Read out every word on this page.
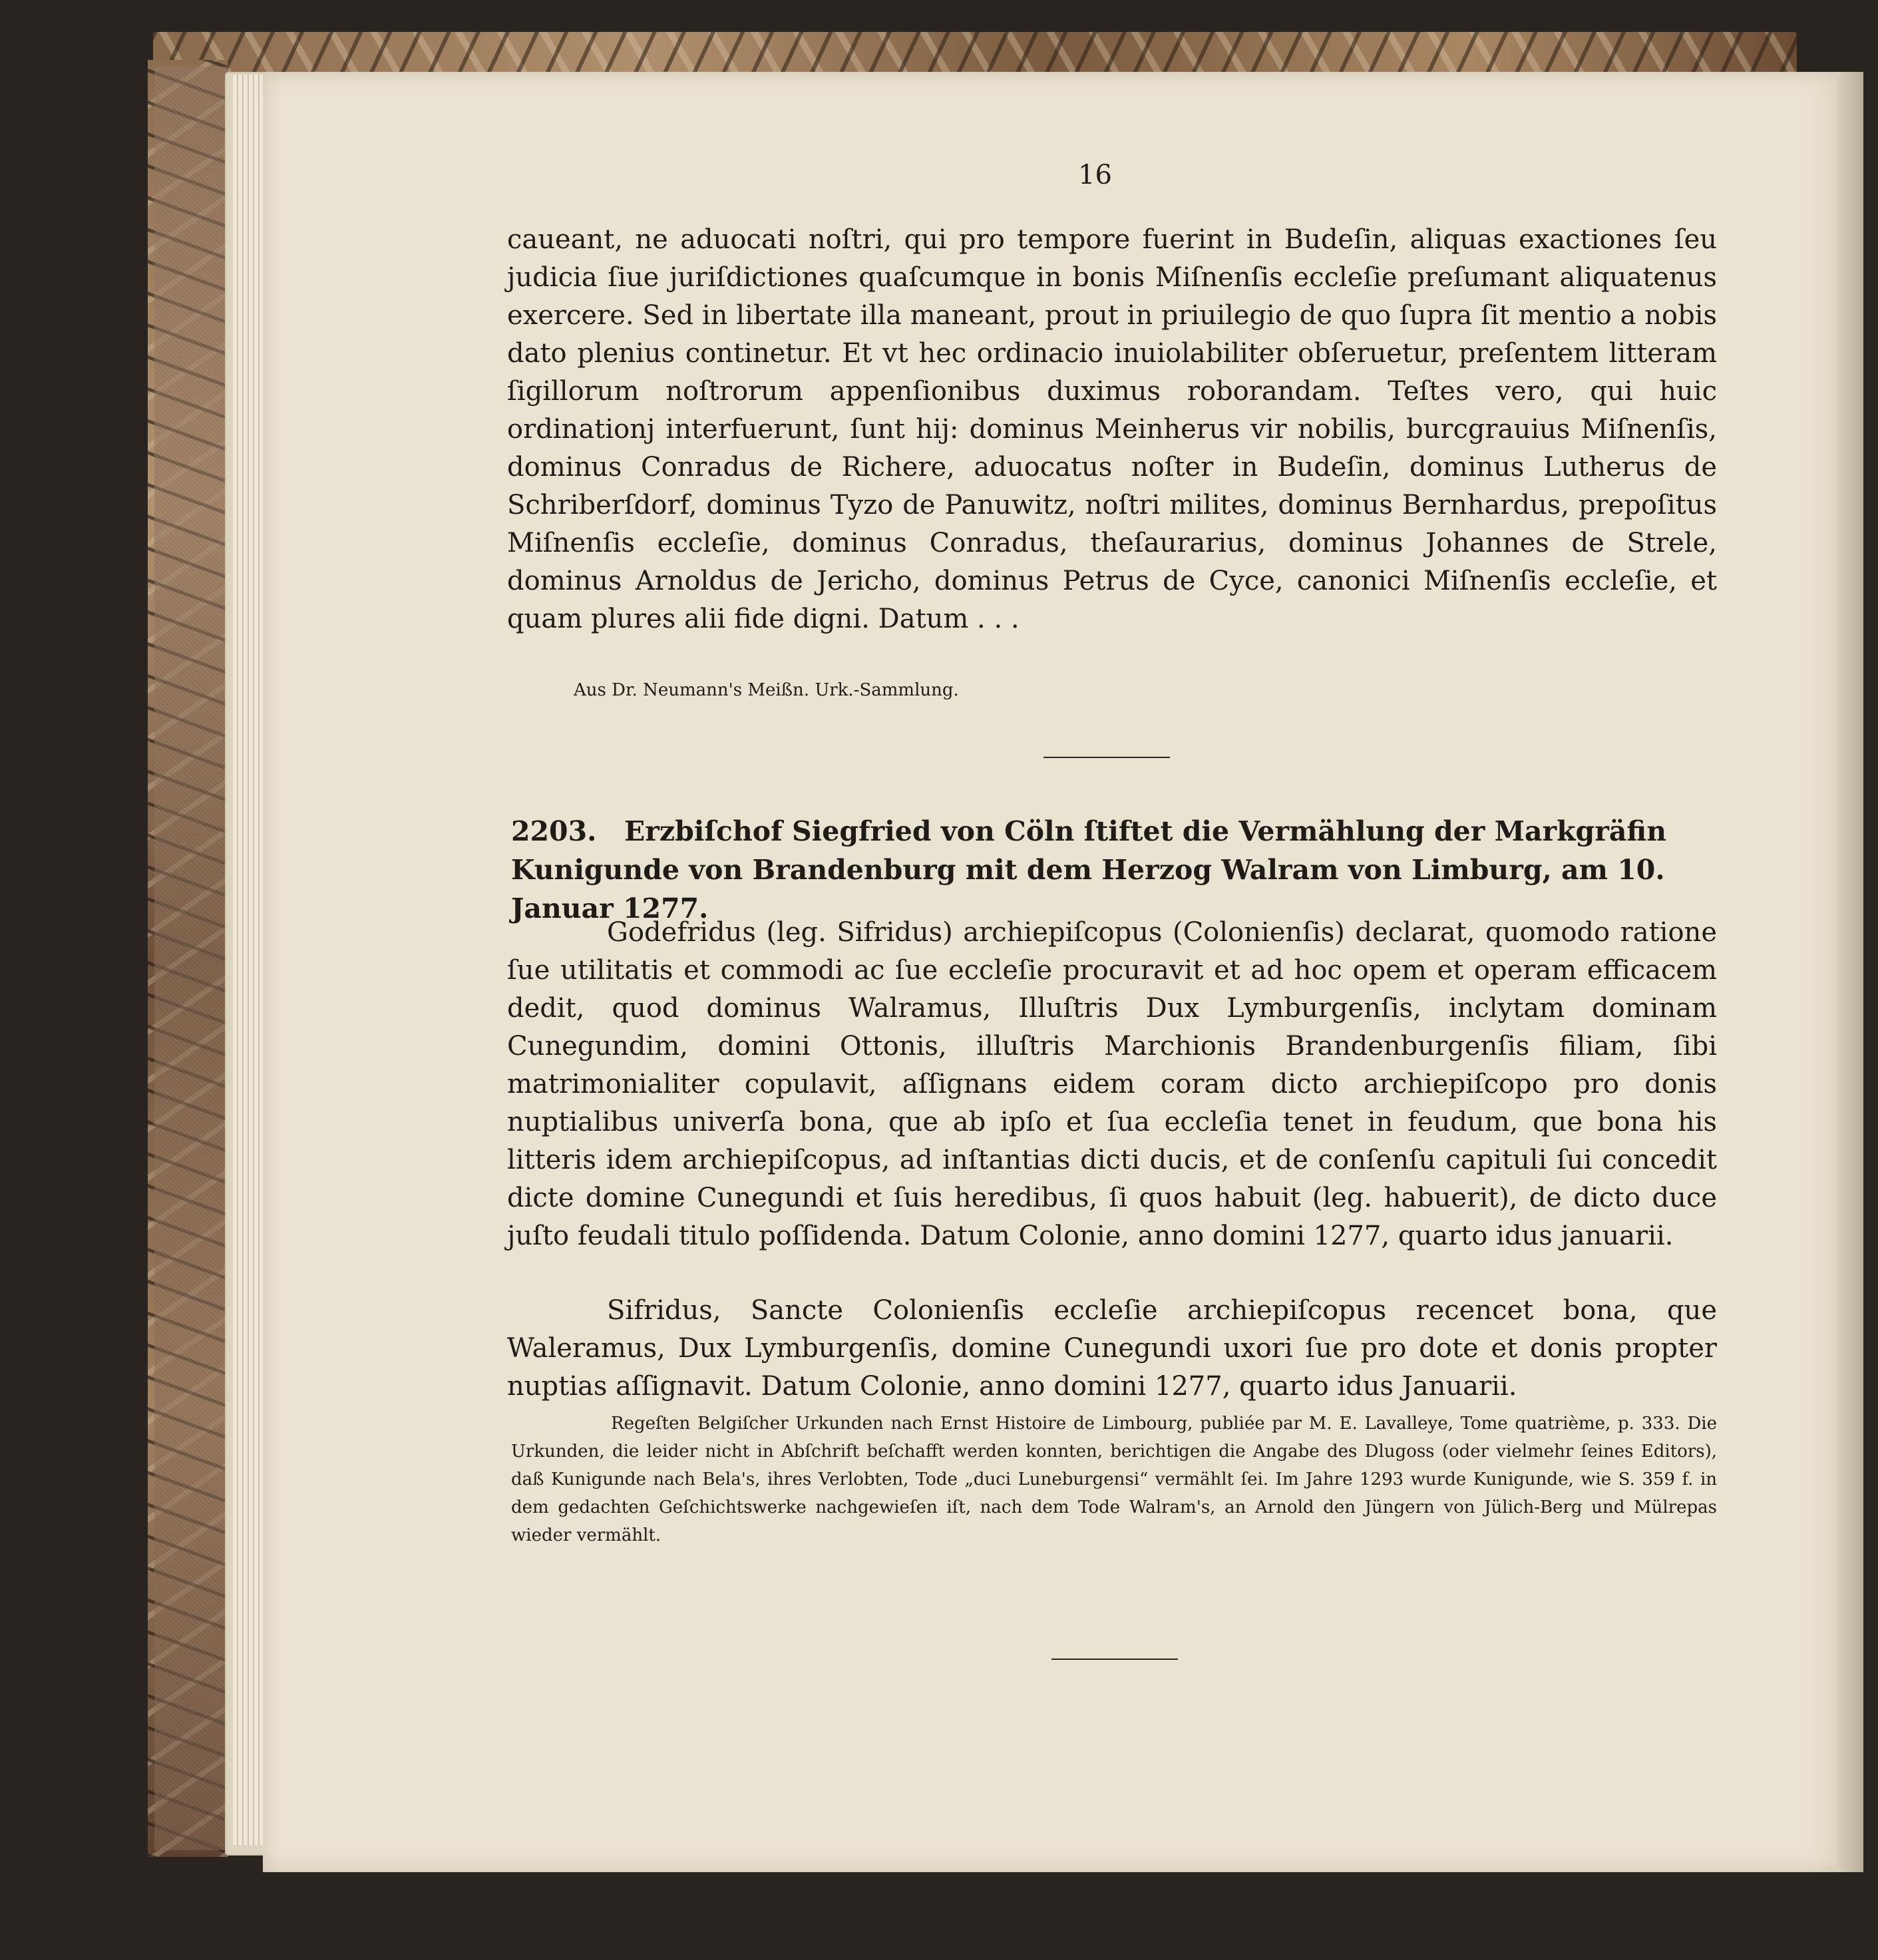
16
caueant, ne aduocati noſtri, qui pro tempore fuerint in Budeſin, aliquas exactiones ſeu judicia ſiue juriſdictiones quaſcumque in bonis Miſnenſis eccleſie preſumant aliquatenus exercere. Sed in libertate illa maneant, prout in priuilegio de quo ſupra ſit mentio a nobis dato plenius continetur. Et vt hec ordinacio inuiolabiliter obſeruetur, preſentem litteram ſigillorum noſtrorum appenſionibus duximus roborandam. Teſtes vero, qui huic ordinationj interfuerunt, ſunt hij: dominus Meinherus vir nobilis, burcgrauius Miſnenſis, dominus Conradus de Richere, aduocatus noſter in Budeſin, dominus Lutherus de Schriberſdorf, dominus Tyzo de Panuwitz, noſtri milites, dominus Bernhardus, prepoſitus Miſnenſis eccleſie, dominus Conradus, theſaurarius, dominus Johannes de Strele, dominus Arnoldus de Jericho, dominus Petrus de Cyce, canonici Miſnenſis eccleſie, et quam plures alii fide digni. Datum . . .
Aus Dr. Neumann's Meißn. Urk.-Sammlung.
2203. Erzbiſchof Siegfried von Cöln ſtiftet die Vermählung der Markgräfin Kunigunde von Brandenburg mit dem Herzog Walram von Limburg, am 10. Januar 1277.
Godefridus (leg. Sifridus) archiepiſcopus (Colonienſis) declarat, quomodo ratione ſue utilitatis et commodi ac ſue eccleſie procuravit et ad hoc opem et operam efficacem dedit, quod dominus Walramus, Illuſtris Dux Lymburgenſis, inclytam dominam Cunegundim, domini Ottonis, illuſtris Marchionis Brandenburgenſis filiam, ſibi matrimonialiter copulavit, aſſignans eidem coram dicto archiepiſcopo pro donis nuptialibus univerſa bona, que ab ipſo et ſua eccleſia tenet in feudum, que bona his litteris idem archiepiſcopus, ad inſtantias dicti ducis, et de conſenſu capituli ſui concedit dicte domine Cunegundi et ſuis heredibus, ſi quos habuit (leg. habuerit), de dicto duce juſto feudali titulo poſſidenda. Datum Colonie, anno domini 1277, quarto idus januarii.
Sifridus, Sancte Colonienſis eccleſie archiepiſcopus recencet bona, que Waleramus, Dux Lymburgenſis, domine Cunegundi uxori ſue pro dote et donis propter nuptias aſſignavit. Datum Colonie, anno domini 1277, quarto idus Januarii.

Regeſten Belgiſcher Urkunden nach Ernst Histoire de Limbourg, publiée par M. E. Lavalleye, Tome quatrième, p. 333. Die Urkunden, die leider nicht in Abſchrift beſchafft werden konnten, berichtigen die Angabe des Dlugoss (oder vielmehr ſeines Editors), daß Kunigunde nach Bela's, ihres Verlobten, Tode „duci Luneburgensi“ vermählt ſei. Im Jahre 1293 wurde Kunigunde, wie S. 359 f. in dem gedachten Geſchichtswerke nachgewieſen iſt, nach dem Tode Walram's, an Arnold den Jüngern von Jülich-Berg und Mülrepas wieder vermählt.
